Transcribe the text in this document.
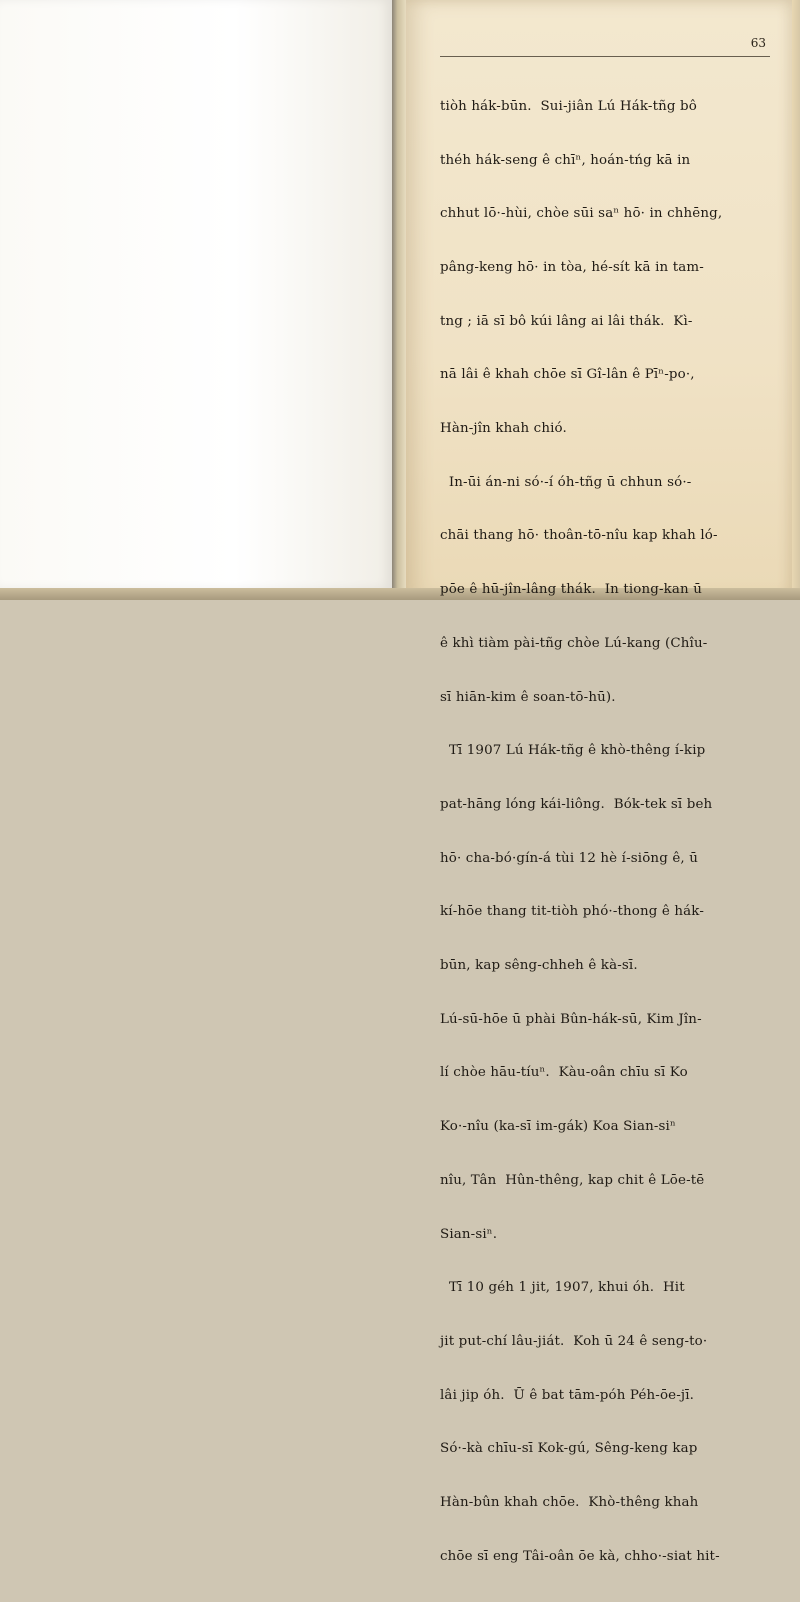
63

tiòh hák-būn.  Sui-jiân Lú Hák-tñg bô

théh hák-seng ê chīⁿ, hoán-tńg kā in

chhut lō·-hùi, chòe sūi saⁿ hō· in chhēng,

pâng-keng hō· in tòa, hé-sít kā in tam-

tng ; iā sī bô kúi lâng ai lâi thák.  Kì-

nā lâi ê khah chōe sī Gî-lân ê Pīⁿ-po·,

Hàn-jîn khah chió.

In-ūi án-ni só·-í óh-tñg ū chhun só·-

chāi thang hō· thoân-tō-nîu kap khah ló-

pōe ê hū-jîn-lâng thák.  In tiong-kan ū

ê khì tiàm pài-tñg chòe Lú-kang (Chîu-

sī hiān-kim ê soan-tō-hū).

Tī 1907 Lú Hák-tñg ê khò-thêng í-kip

pat-hāng lóng kái-liông.  Bók-tek sī beh

hō· cha-bó·gín-á tùi 12 hè í-siōng ê, ū

kí-hōe thang tit-tiòh phó·-thong ê hák-

būn, kap sêng-chheh ê kà-sī.

Lú-sū-hōe ū phài Bûn-hák-sū, Kim Jîn-

lí chòe hāu-tíuⁿ.  Kàu-oân chīu sī Ko

Ko·-nîu (ka-sī im-gák) Koa Sian-siⁿ

nîu, Tân  Hûn-thêng, kap chit ê Lōe-tē

Sian-siⁿ.

Tī 10 géh 1 jit, 1907, khui óh.  Hit

jit put-chí lâu-jiát.  Koh ū 24 ê seng-to·

lâi jip óh.  Ū ê bat tām-póh Péh-ōe-jī.

Só·-kà chīu-sī Kok-gú, Sêng-keng kap

Hàn-bûn khah chōe.  Khò-thêng khah

chōe sī eng Tâi-oân ōe kà, chho·-siat hit-
